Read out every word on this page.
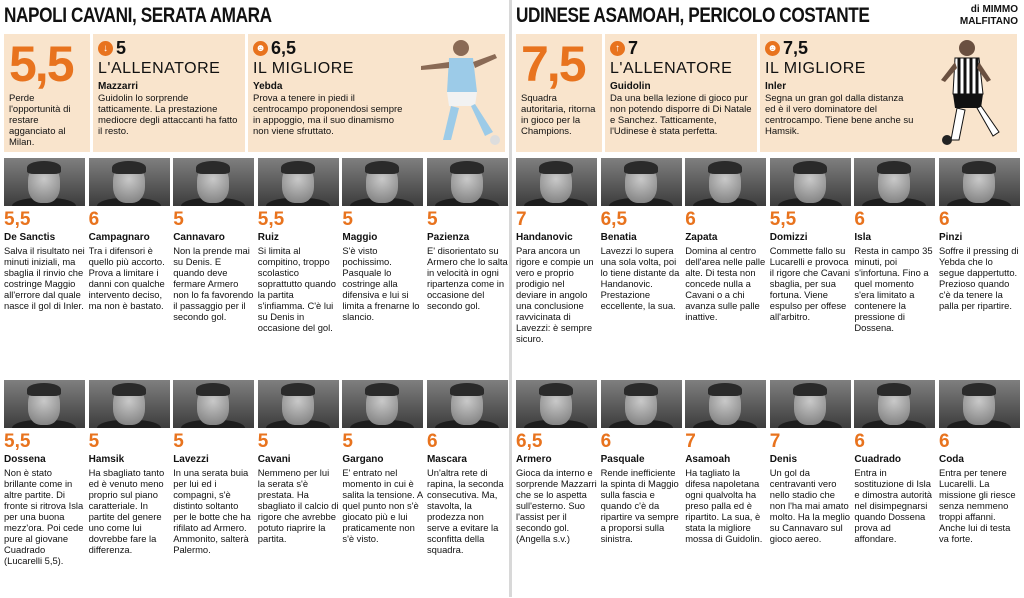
NAPOLI CAVANI, SERATA AMARA
5,5
Perde l'opportunità di restare agganciato al Milan.
↓ 5
L'ALLENATORE
Mazzarri
Guidolin lo sorprende tatticamente. La prestazione mediocre degli attaccanti ha fatto il resto.
☻ 6,5
IL MIGLIORE
Yebda
Prova a tenere in piedi il centrocampo proponendosi sempre in appoggio, ma il suo dinamismo non viene sfruttato.
5,5
De Sanctis
Salva il risultato nei minuti iniziali, ma sbaglia il rinvio che costringe Maggio all'errore dal quale nasce il gol di Inler.
6
Campagnaro
Tra i difensori è quello più accorto. Prova a limitare i danni con qualche intervento deciso, ma non è bastato.
5
Cannavaro
Non la prende mai su Denis. E quando deve fermare Armero non lo fa favorendo il passaggio per il secondo gol.
5,5
Ruiz
Si limita al compitino, troppo scolastico soprattutto quando la partita s'infiamma. C'è lui su Denis in occasione del gol.
5
Maggio
S'è visto pochissimo. Pasquale lo costringe alla difensiva e lui si limita a frenarne lo slancio.
5
Pazienza
E' disorientato su Armero che lo salta in velocità in ogni ripartenza come in occasione del secondo gol.
5,5
Dossena
Non è stato brillante come in altre partite. Di fronte si ritrova Isla per una buona mezz'ora. Poi cede pure al giovane Cuadrado (Lucarelli 5,5).
5
Hamsik
Ha sbagliato tanto ed è venuto meno proprio sul piano caratteriale. In partite del genere uno come lui dovrebbe fare la differenza.
5
Lavezzi
In una serata buia per lui ed i compagni, s'è distinto soltanto per le botte che ha rifilato ad Armero. Ammonito, salterà Palermo.
5
Cavani
Nemmeno per lui la serata s'è prestata. Ha sbagliato il calcio di rigore che avrebbe potuto riaprire la partita.
5
Gargano
E' entrato nel momento in cui è salita la tensione. A quel punto non s'è giocato più e lui praticamente non s'è visto.
6
Mascara
Un'altra rete di rapina, la seconda consecutiva. Ma, stavolta, la prodezza non serve a evitare la sconfitta della squadra.
UDINESE ASAMOAH, PERICOLO COSTANTE	di MIMMO
MALFITANO
7,5
Squadra autoritaria, ritorna in gioco per la Champions.
↑ 7
L'ALLENATORE
Guidolin
Da una bella lezione di gioco pur non potendo disporre di Di Natale e Sanchez. Tatticamente, l'Udinese è stata perfetta.
☻ 7,5
IL MIGLIORE
Inler
Segna un gran gol dalla distanza ed è il vero dominatore del centrocampo. Tiene bene anche su Hamsik.
7
Handanovic
Para ancora un rigore e compie un vero e proprio prodigio nel deviare in angolo una conclusione ravvicinata di Lavezzi: è sempre sicuro.
6,5
Benatia
Lavezzi lo supera una sola volta, poi lo tiene distante da Handanovic. Prestazione eccellente, la sua.
6
Zapata
Domina al centro dell'area nelle palle alte. Di testa non concede nulla a Cavani o a chi avanza sulle palle inattive.
5,5
Domizzi
Commette fallo su Lucarelli e provoca il rigore che Cavani sbaglia, per sua fortuna. Viene espulso per offese all'arbitro.
6
Isla
Resta in campo 35 minuti, poi s'infortuna. Fino a quel momento s'era limitato a contenere la pressione di Dossena.
6
Pinzi
Soffre il pressing di Yebda che lo segue dappertutto. Prezioso quando c'è da tenere la palla per ripartire.
6,5
Armero
Gioca da interno e sorprende Mazzarri che se lo aspetta sull'esterno. Suo l'assist per il secondo gol. (Angella s.v.)
6
Pasquale
Rende inefficiente la spinta di Maggio sulla fascia e quando c'è da ripartire va sempre a proporsi sulla sinistra.
7
Asamoah
Ha tagliato la difesa napoletana ogni qualvolta ha preso palla ed è ripartito. La sua, è stata la migliore mossa di Guidolin.
7
Denis
Un gol da centravanti vero nello stadio che non l'ha mai amato molto. Ha la meglio su Cannavaro sul gioco aereo.
6
Cuadrado
Entra in sostituzione di Isla e dimostra autorità nel disimpegnarsi quando Dossena prova ad affondare.
6
Coda
Entra per tenere Lucarelli. La missione gli riesce senza nemmeno troppi affanni. Anche lui di testa va forte.
